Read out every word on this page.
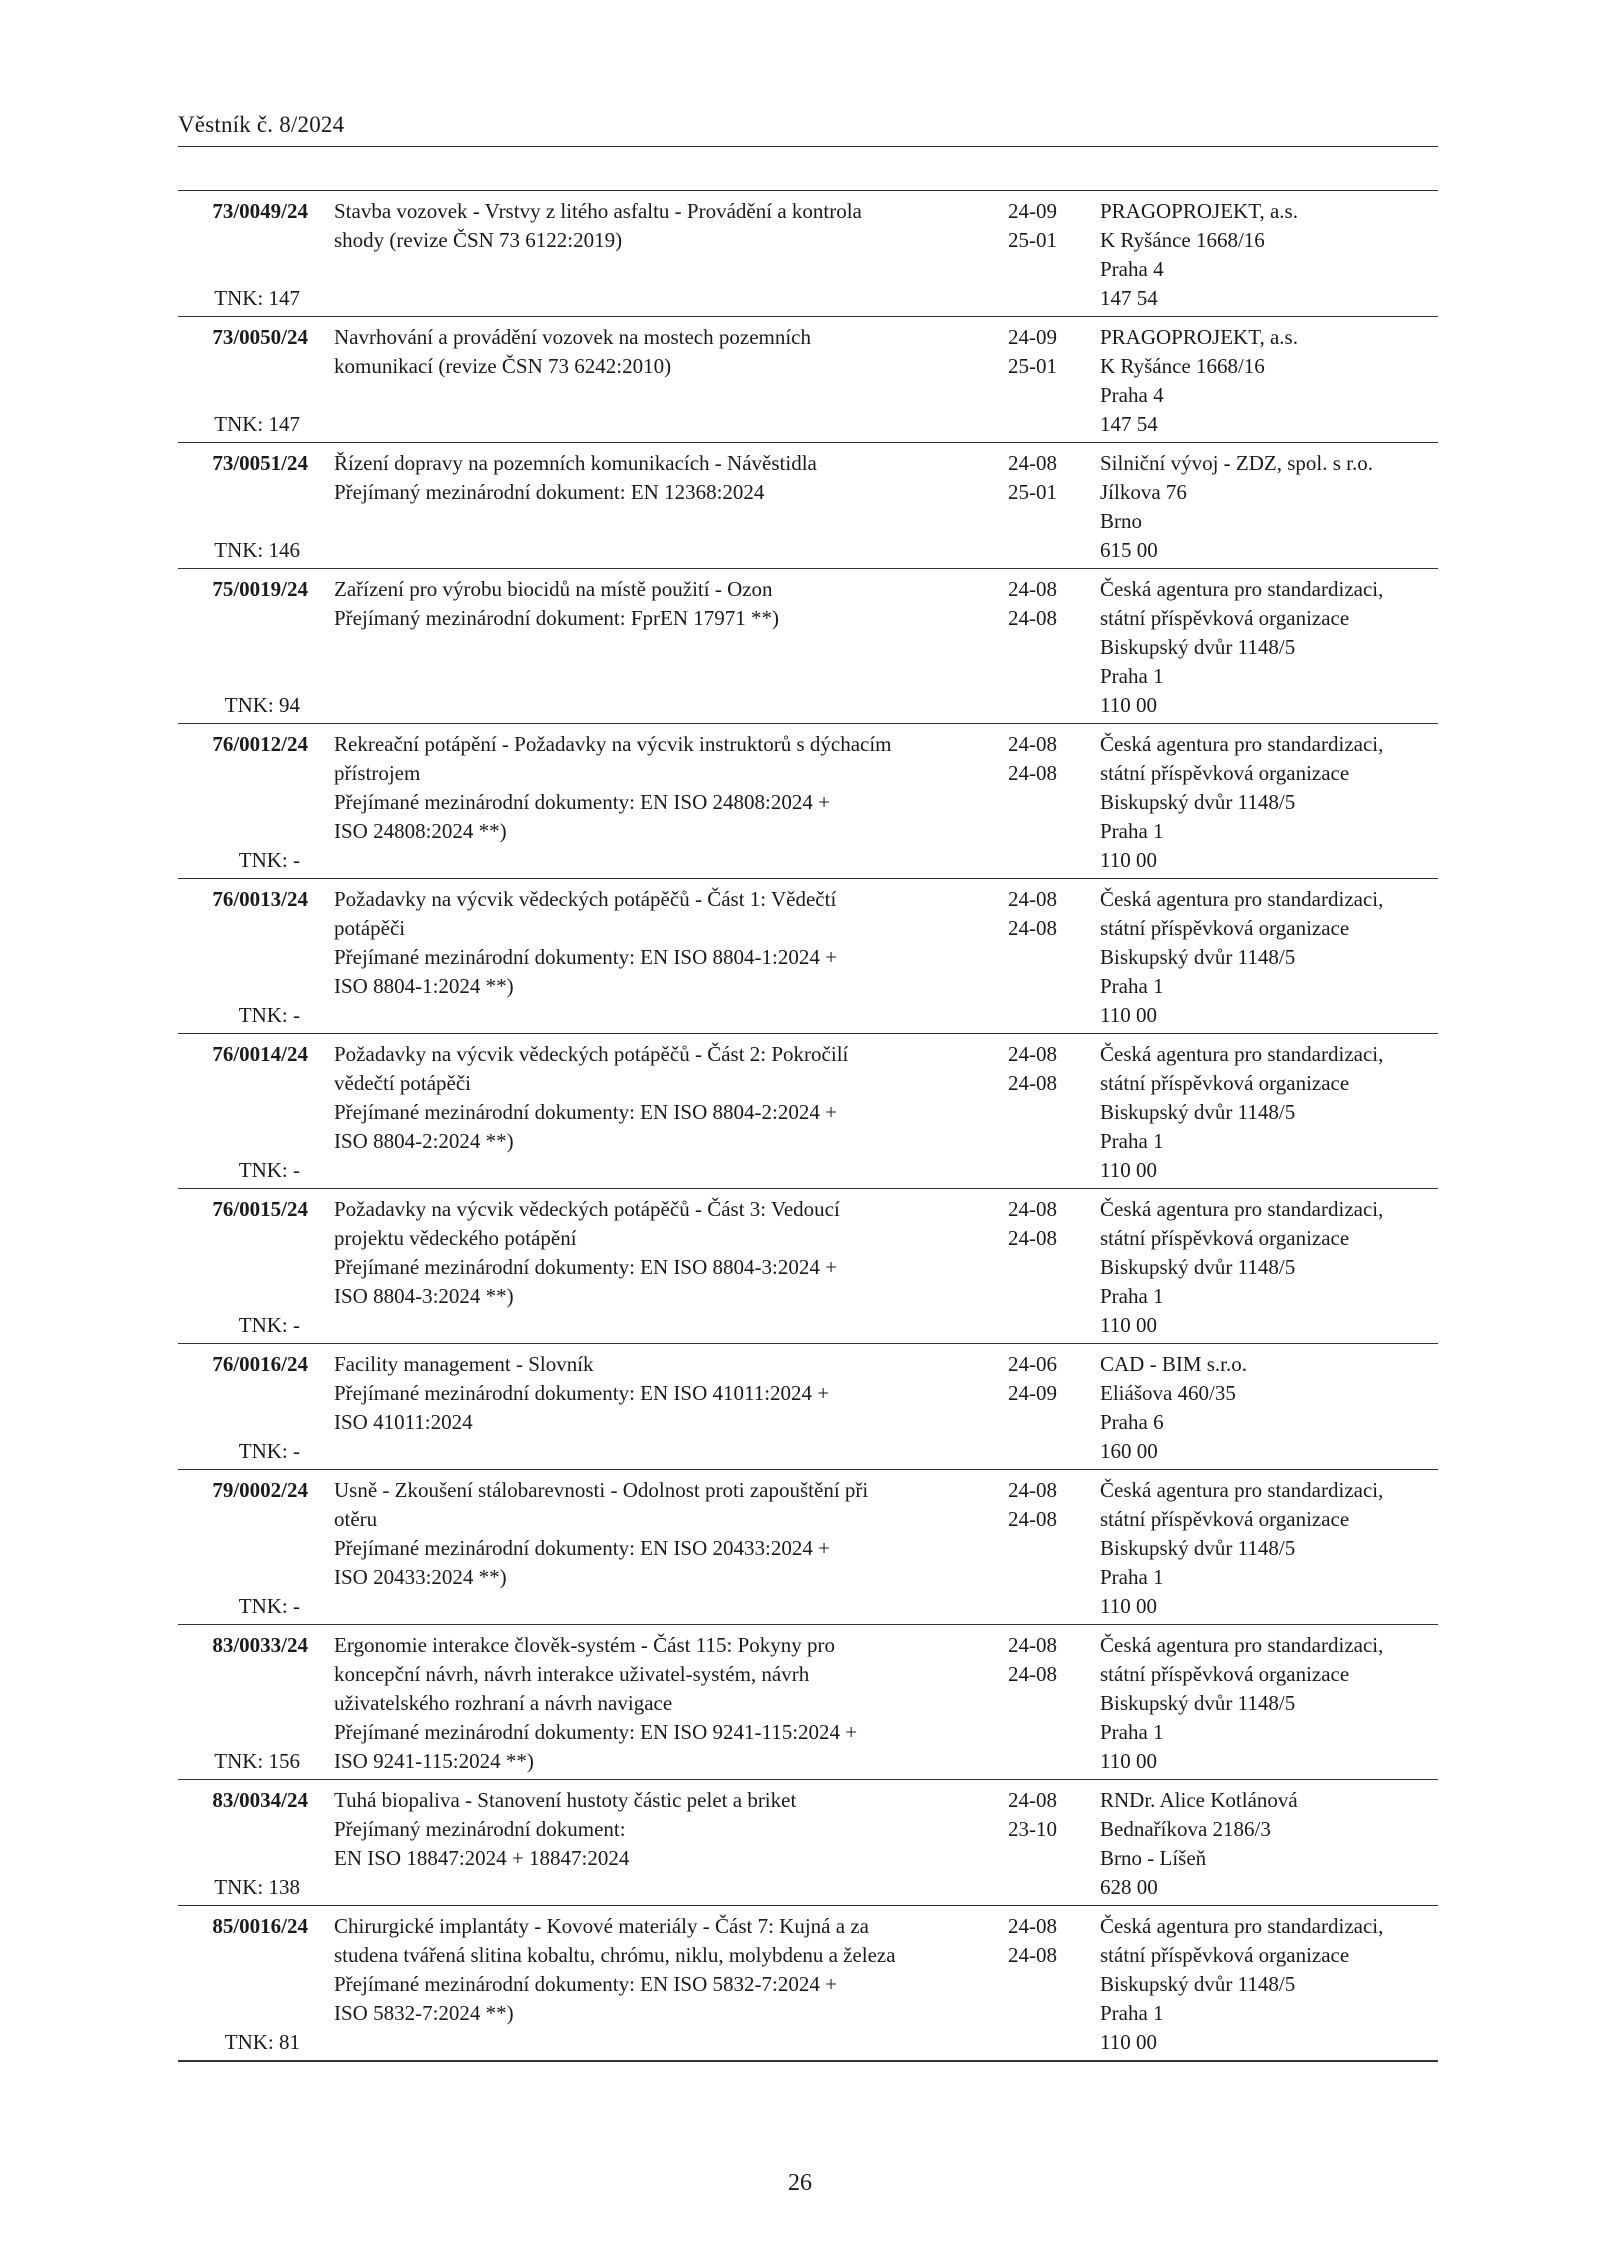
Věstník č. 8/2024
73/0049/24 Stavba vozovek - Vrstvy z litého asfaltu - Provádění a kontrola
shody (revize ČSN 73 6122:2019)
24-09
25-01
PRAGOPROJEKT, a.s.
K Ryšánce 1668/16
Praha 4
147 54
TNK: 147
73/0050/24 Navrhování a provádění vozovek na mostech pozemních
komunikací (revize ČSN 73 6242:2010)
24-09
25-01
PRAGOPROJEKT, a.s.
K Ryšánce 1668/16
Praha 4
147 54
TNK: 147
73/0051/24 Řízení dopravy na pozemních komunikacích - Návěstidla
Přejímaný mezinárodní dokument: EN 12368:2024
24-08
25-01
Silniční vývoj - ZDZ, spol. s r.o.
Jílkova 76
Brno
615 00
TNK: 146
75/0019/24 Zařízení pro výrobu biocidů na místě použití - Ozon
Přejímaný mezinárodní dokument: FprEN 17971 **)
24-08
24-08
Česká agentura pro standardizaci,
státní příspěvková organizace
Biskupský dvůr 1148/5
Praha 1
110 00
TNK: 94
76/0012/24 Rekreační potápění - Požadavky na výcvik instruktorů s dýchacím
přístrojem
Přejímané mezinárodní dokumenty: EN ISO 24808:2024 +
ISO 24808:2024 **)
24-08
24-08
Česká agentura pro standardizaci,
státní příspěvková organizace
Biskupský dvůr 1148/5
Praha 1
110 00
TNK: -
76/0013/24 Požadavky na výcvik vědeckých potápěčů - Část 1: Vědečtí
potápěči
Přejímané mezinárodní dokumenty: EN ISO 8804-1:2024 +
ISO 8804-1:2024 **)
24-08
24-08
Česká agentura pro standardizaci,
státní příspěvková organizace
Biskupský dvůr 1148/5
Praha 1
110 00
TNK: -
76/0014/24 Požadavky na výcvik vědeckých potápěčů - Část 2: Pokročilí
vědečtí potápěči
Přejímané mezinárodní dokumenty: EN ISO 8804-2:2024 +
ISO 8804-2:2024 **)
24-08
24-08
Česká agentura pro standardizaci,
státní příspěvková organizace
Biskupský dvůr 1148/5
Praha 1
110 00
TNK: -
76/0015/24 Požadavky na výcvik vědeckých potápěčů - Část 3: Vedoucí
projektu vědeckého potápění
Přejímané mezinárodní dokumenty: EN ISO 8804-3:2024 +
ISO 8804-3:2024 **)
24-08
24-08
Česká agentura pro standardizaci,
státní příspěvková organizace
Biskupský dvůr 1148/5
Praha 1
110 00
TNK: -
76/0016/24 Facility management - Slovník
Přejímané mezinárodní dokumenty: EN ISO 41011:2024 +
ISO 41011:2024
24-06
24-09
CAD - BIM s.r.o.
Eliášova 460/35
Praha 6
160 00
TNK: -
79/0002/24 Usně - Zkoušení stálobarevnosti - Odolnost proti zapouštění při
otěru
Přejímané mezinárodní dokumenty: EN ISO 20433:2024 +
ISO 20433:2024 **)
24-08
24-08
Česká agentura pro standardizaci,
státní příspěvková organizace
Biskupský dvůr 1148/5
Praha 1
110 00
TNK: -
83/0033/24 Ergonomie interakce člověk-systém - Část 115: Pokyny pro
koncepční návrh, návrh interakce uživatel-systém, návrh
uživatelského rozhraní a návrh navigace
Přejímané mezinárodní dokumenty: EN ISO 9241-115:2024 +
ISO 9241-115:2024 **)
24-08
24-08
Česká agentura pro standardizaci,
státní příspěvková organizace
Biskupský dvůr 1148/5
Praha 1
110 00
TNK: 156
83/0034/24 Tuhá biopaliva - Stanovení hustoty částic pelet a briket
Přejímaný mezinárodní dokument:
EN ISO 18847:2024 + 18847:2024
24-08
23-10
RNDr. Alice Kotlánová
Bednaříkova 2186/3
Brno - Líšeň
628 00
TNK: 138
85/0016/24 Chirurgické implantáty - Kovové materiály - Část 7: Kujná a za
studena tvářená slitina kobaltu, chrómu, niklu, molybdenu a železa
Přejímané mezinárodní dokumenty: EN ISO 5832-7:2024 +
ISO 5832-7:2024 **)
24-08
24-08
Česká agentura pro standardizaci,
státní příspěvková organizace
Biskupský dvůr 1148/5
Praha 1
110 00
TNK: 81
26
